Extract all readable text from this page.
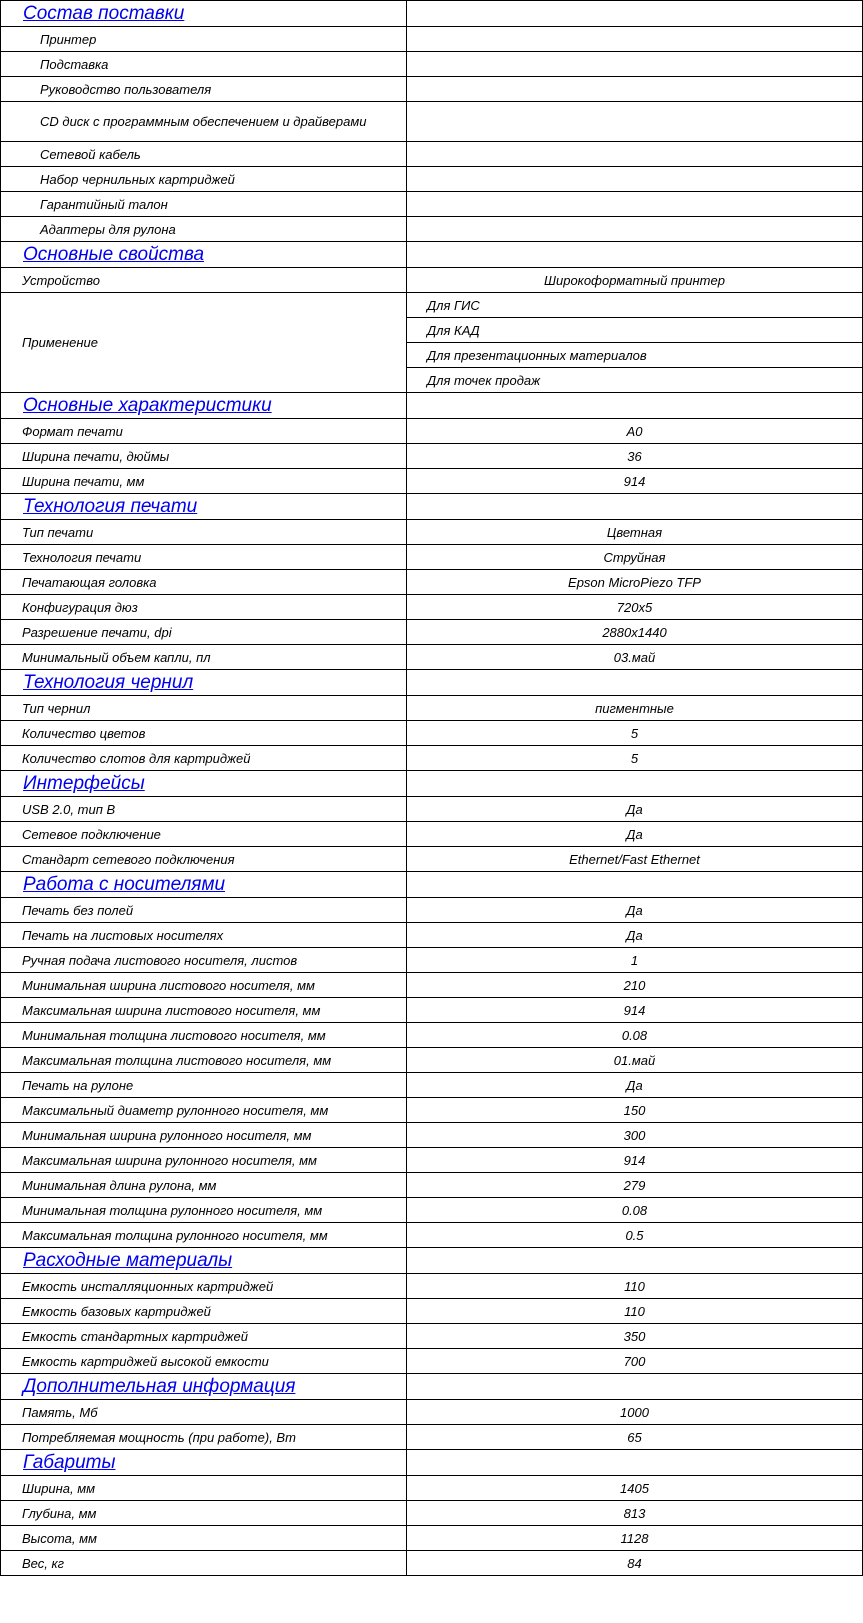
Состав поставки	
Принтер	
Подставка	
Руководство пользователя	
CD диск с программным обеспечением и драйверами	
Сетевой кабель	
Набор чернильных картриджей	
Гарантийный талон	
Адаптеры для рулона	
Основные свойства	
Устройство	Широкоформатный принтер
Применение	Для ГИС
	Для КАД
	Для презентационных материалов
	Для точек продаж
Основные характеристики	
Формат печати	A0
Ширина печати, дюймы	36
Ширина печати, мм	914
Технология печати	
Тип печати	Цветная
Технология печати	Струйная
Печатающая головка	Epson MicroPiezo TFP
Конфигурация дюз	720x5
Разрешение печати, dpi	2880x1440
Минимальный объем капли, пл	03.май
Технология чернил	
Тип чернил	пигментные
Количество цветов	5
Количество слотов для картриджей	5
Интерфейсы	
USB 2.0, тип B	Да
Сетевое подключение	Да
Стандарт сетевого подключения	Ethernet/Fast Ethernet
Работа с носителями	
Печать без полей	Да
Печать на листовых носителях	Да
Ручная подача листового носителя, листов	1
Минимальная ширина листового носителя, мм	210
Максимальная ширина листового носителя, мм	914
Минимальная толщина листового носителя, мм	0.08
Максимальная толщина листового носителя, мм	01.май
Печать на рулоне	Да
Максимальный диаметр рулонного носителя, мм	150
Минимальная ширина рулонного носителя, мм	300
Максимальная ширина рулонного носителя, мм	914
Минимальная длина рулона, мм	279
Минимальная толщина рулонного носителя, мм	0.08
Максимальная толщина рулонного носителя, мм	0.5
Расходные материалы	
Емкость инсталляционных картриджей	110
Емкость базовых картриджей	110
Емкость стандартных картриджей	350
Емкость картриджей высокой емкости	700
Дополнительная информация	
Память, Мб	1000
Потребляемая мощность (при работе), Вт	65
Габариты	
Ширина, мм	1405
Глубина, мм	813
Высота, мм	1128
Вес, кг	84
